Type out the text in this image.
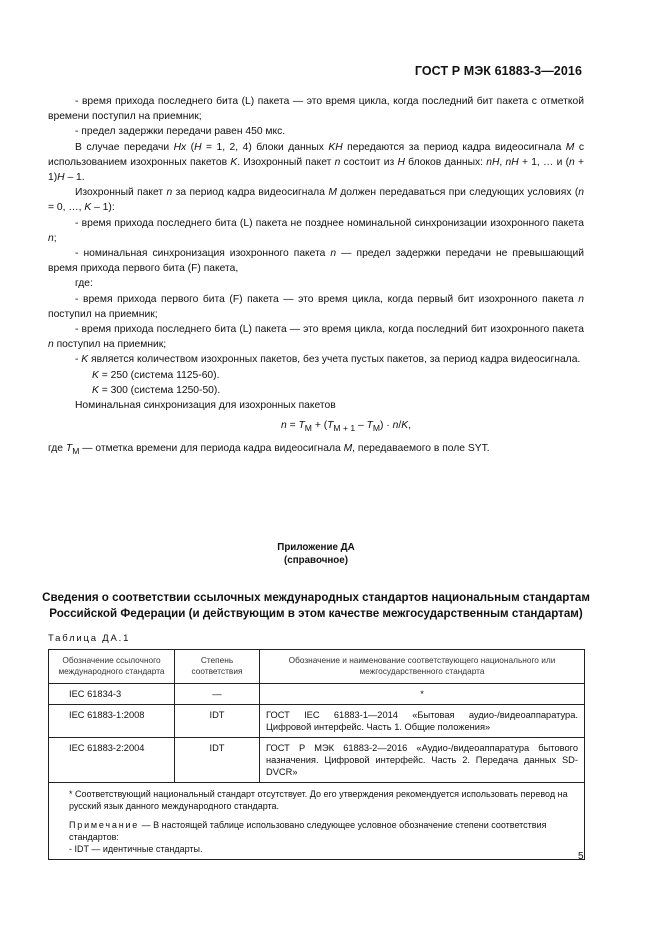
ГОСТ Р МЭК 61883-3—2016

- время прихода последнего бита (L) пакета — это время цикла, когда последний бит пакета с отметкой времени поступил на приемник;

- предел задержки передачи равен 450 мкс.

В случае передачи Hx (H = 1, 2, 4) блоки данных KH передаются за период кадра видеосигнала M с использованием изохронных пакетов K. Изохронный пакет n состоит из H блоков данных: nH, nH + 1, … и (n + 1)H – 1.

Изохронный пакет n за период кадра видеосигнала M должен передаваться при следующих условиях (n = 0, …, K – 1):

- время прихода последнего бита (L) пакета не позднее номинальной синхронизации изохронного пакета n;

- номинальная синхронизация изохронного пакета n — предел задержки передачи не превышающий время прихода первого бита (F) пакета,

где:

- время прихода первого бита (F) пакета — это время цикла, когда первый бит изохронного пакета n поступил на приемник;

- время прихода последнего бита (L) пакета — это время цикла, когда последний бит изохронного пакета n поступил на приемник;

- K является количеством изохронных пакетов, без учета пустых пакетов, за период кадра видеосигнала.

K = 250 (система 1125-60).

K = 300 (система 1250-50).

Номинальная синхронизация для изохронных пакетов

$n = T_M + (T_{M + 1} - T_M) \cdot n/K$,

где $T_M$ — отметка времени для периода кадра видеосигнала M, передаваемого в поле SYT.

Приложение ДА
(справочное)
Сведения о соответствии ссылочных международных стандартов национальным стандартам
Российской Федерации (и действующим в этом качестве межгосударственным стандартам)
Таблица ДА.1
Обозначение ссылочного международного стандарта	Степень соответствия	Обозначение и наименование соответствующего национального или межгосударственного стандарта
IEC 61834-3	—	*
IEC 61883-1:2008	IDT	ГОСТ IEC 61883-1—2014 «Бытовая аудио-/видеоаппаратура. Цифровой интерфейс. Часть 1. Общие положения»
IEC 61883-2:2004	IDT	ГОСТ Р МЭК 61883-2—2016 «Аудио-/видеоаппаратура бытового назначения. Цифровой интерфейс. Часть 2. Передача данных SD-DVCR»

* Соответствующий национальный стандарт отсутствует. До его утверждения рекомендуется использовать перевод на русский язык данного международного стандарта.

Примечание — В настоящей таблице использовано следующее условное обозначение степени соответствия стандартов:

- IDT — идентичные стандарты.		

5
